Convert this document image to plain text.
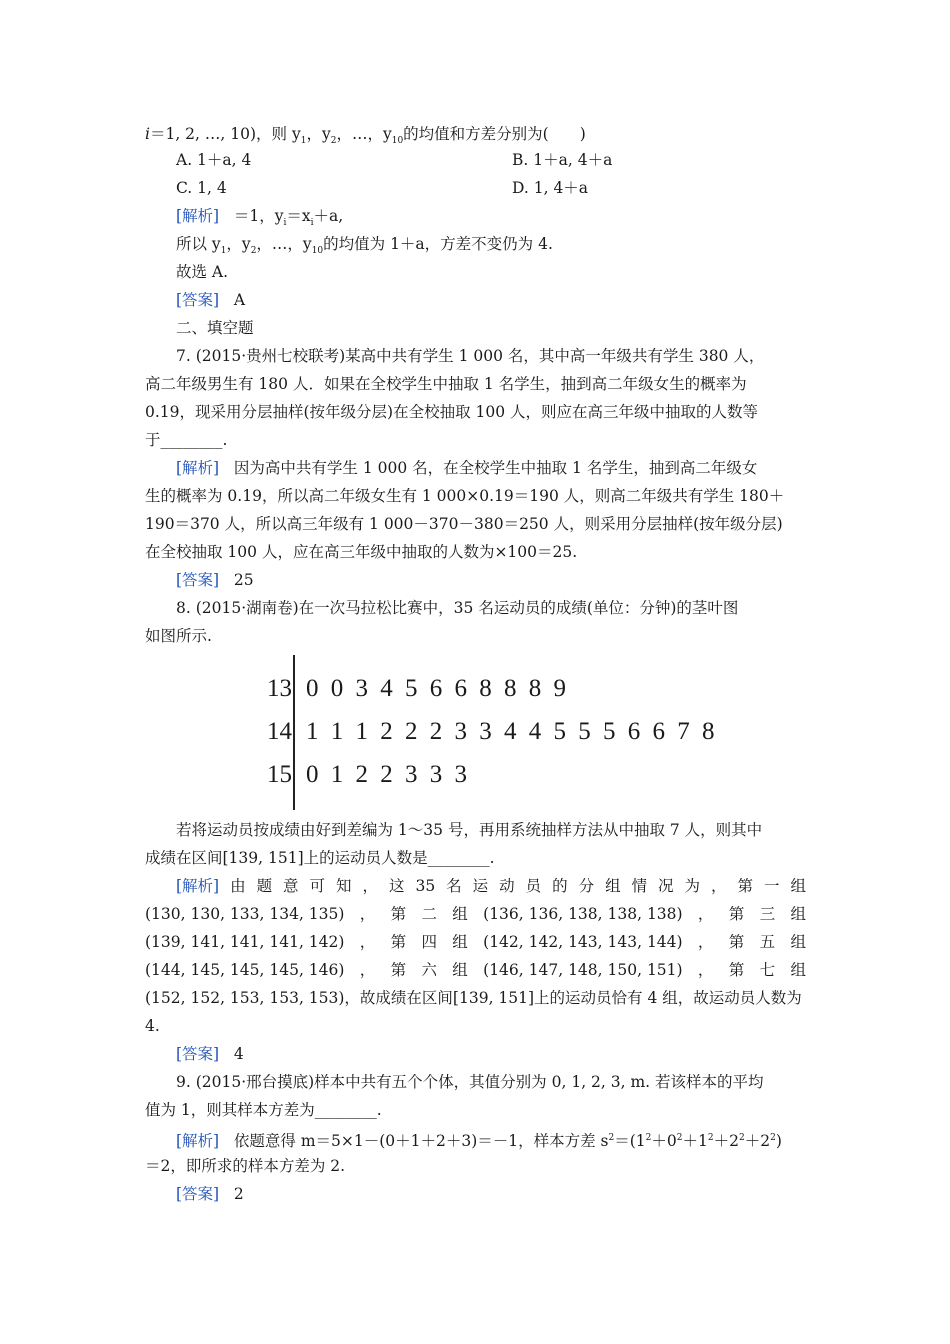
i＝1, 2, …, 10)，则 $y_1$，$y_2$，…，$y_{10}$的均值和方差分别为(　　)
A. 1＋a, 4	B. 1＋a, 4＋a
C. 1, 4	D. 1, 4＋a
[解析] ＝1，$y_i=x_i+a$,
所以 $y_1$，$y_2$，…，$y_{10}$的均值为 1＋a，方差不变仍为 4.
故选 A.
[答案] A
二、填空题
7. (2015·贵州七校联考)某高中共有学生 1 000 名，其中高一年级共有学生 380 人，
高二年级男生有 180 人．如果在全校学生中抽取 1 名学生，抽到高二年级女生的概率为
0.19，现采用分层抽样(按年级分层)在全校抽取 100 人，则应在高三年级中抽取的人数等
于________.
[解析] 因为高中共有学生 1 000 名，在全校学生中抽取 1 名学生，抽到高二年级女
生的概率为 0.19，所以高二年级女生有 1 000×0.19＝190 人，则高二年级共有学生 180＋
190＝370 人，所以高三年级有 1 000－370－380＝250 人，则采用分层抽样(按年级分层)
在全校抽取 100 人，应在高三年级中抽取的人数为×100＝25.
[答案] 25
8. (2015·湖南卷)在一次马拉松比赛中，35 名运动员的成绩(单位：分钟)的茎叶图
如图所示.
13 0 0 3 4 5 6 6 8 8 8 9
14 1 1 1 2 2 2 3 3 4 4 5 5 5 6 6 7 8
15 0 1 2 2 3 3 3
若将运动员按成绩由好到差编为 1～35 号，再用系统抽样方法从中抽取 7 人，则其中
成绩在区间[139, 151]上的运动员人数是________.
[解析] 由 题 意 可 知 ， 这 35 名 运 动 员 的 分 组 情 况 为 ， 第 一 组
(130, 130, 133, 134, 135) ， 第 二 组 (136, 136, 138, 138, 138) ， 第 三 组
(139, 141, 141, 141, 142) ， 第 四 组 (142, 142, 143, 143, 144) ， 第 五 组
(144, 145, 145, 145, 146) ， 第 六 组 (146, 147, 148, 150, 151) ， 第 七 组
(152, 152, 153, 153, 153)，故成绩在区间[139, 151]上的运动员恰有 4 组，故运动员人数为
4.
[答案] 4
9. (2015·邢台摸底)样本中共有五个个体，其值分别为 0, 1, 2, 3, m. 若该样本的平均
值为 1，则其样本方差为________.
[解析] 依题意得 m＝5×1－(0＋1＋2＋3)＝－1，样本方差 $s^2=(1^2+0^2+1^2+2^2+2^2)$
＝2，即所求的样本方差为 2.
[答案] 2
